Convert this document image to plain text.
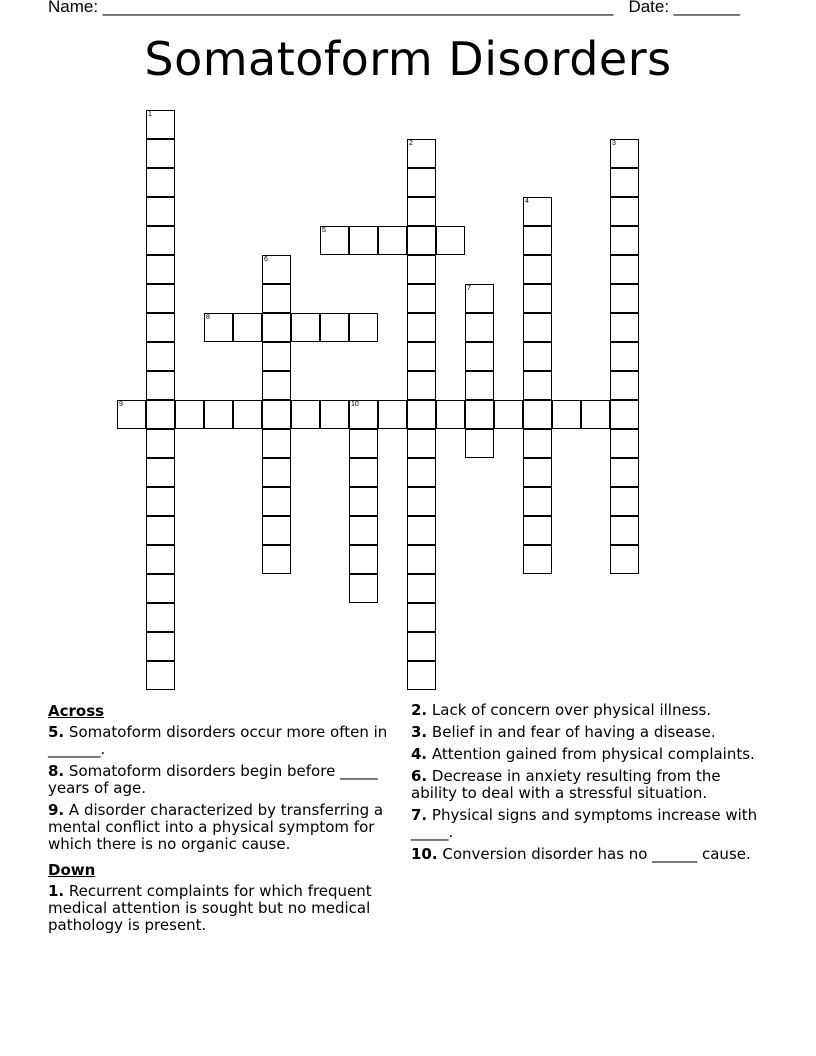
Name: ______________________________________________________ Date: _______
Somatoform Disorders
1
2	3
4
5
6
7
8
9	10
Across
5. Somatoform disorders occur more often in _______.
8. Somatoform disorders begin before _____ years of age.
9. A disorder characterized by transferring a mental conflict into a physical symptom for which there is no organic cause.
Down
1. Recurrent complaints for which frequent medical attention is sought but no medical pathology is present.
2. Lack of concern over physical illness.
3. Belief in and fear of having a disease.
4. Attention gained from physical complaints.
6. Decrease in anxiety resulting from the ability to deal with a stressful situation.
7. Physical signs and symptoms increase with _____.
10. Conversion disorder has no ______ cause.
